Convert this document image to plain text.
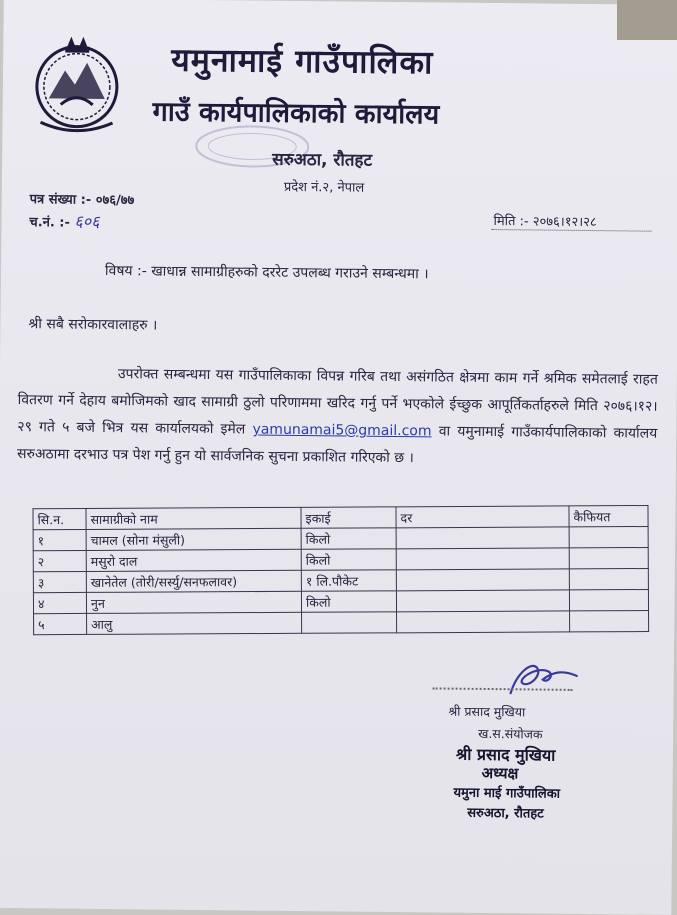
यमुनामाई गाउँपालिका
गाउँ कार्यपालिकाको कार्यालय
सरुअठा, रौतहट
प्रदेश नं.२, नेपाल
पत्र संख्या :- ०७६/७७
च.नं. :- ६०६	मिति :- २०७६।१२।२८
विषय :- खाधान्न सामाग्रीहरुको दररेट उपलब्ध गराउने सम्बन्धमा ।
श्री सबै सरोकारवालाहरु ।
उपरोक्त सम्बन्धमा यस गाउँपालिकाका विपन्न गरिब तथा असंगठित क्षेत्रमा काम गर्ने श्रमिक समेतलाई राहत वितरण गर्ने देहाय बमोजिमको खाद सामाग्री ठुलो परिणाममा खरिद गर्नु पर्ने भएकोले ईच्छुक आपूर्तिकर्ताहरुले मिति २०७६।१२।२९ गते ५ बजे भित्र यस कार्यालयको इमेल yamunamai5@gmail.com वा यमुनामाई गाउँकार्यपालिकाको कार्यालय सरुअठामा दरभाउ पत्र पेश गर्नु हुन यो सार्वजनिक सुचना प्रकाशित गरिएको छ ।
सि.न.	सामाग्रीको नाम	इकाई	दर	कैफियत
१	चामल (सोना मंसुली)	किलो		
२	मसुरो दाल	किलो		
३	खानेतेल (तोरी/सर्स्यु/सनफलावर)	१ लि.पौकेट		
४	नुन	किलो		
५	आलु			
श्री प्रसाद मुखिया
ख.स.संयोजक
श्री प्रसाद मुखिया
अध्यक्ष
यमुना माई गाउँपालिका
सरुअठा, रौतहट
